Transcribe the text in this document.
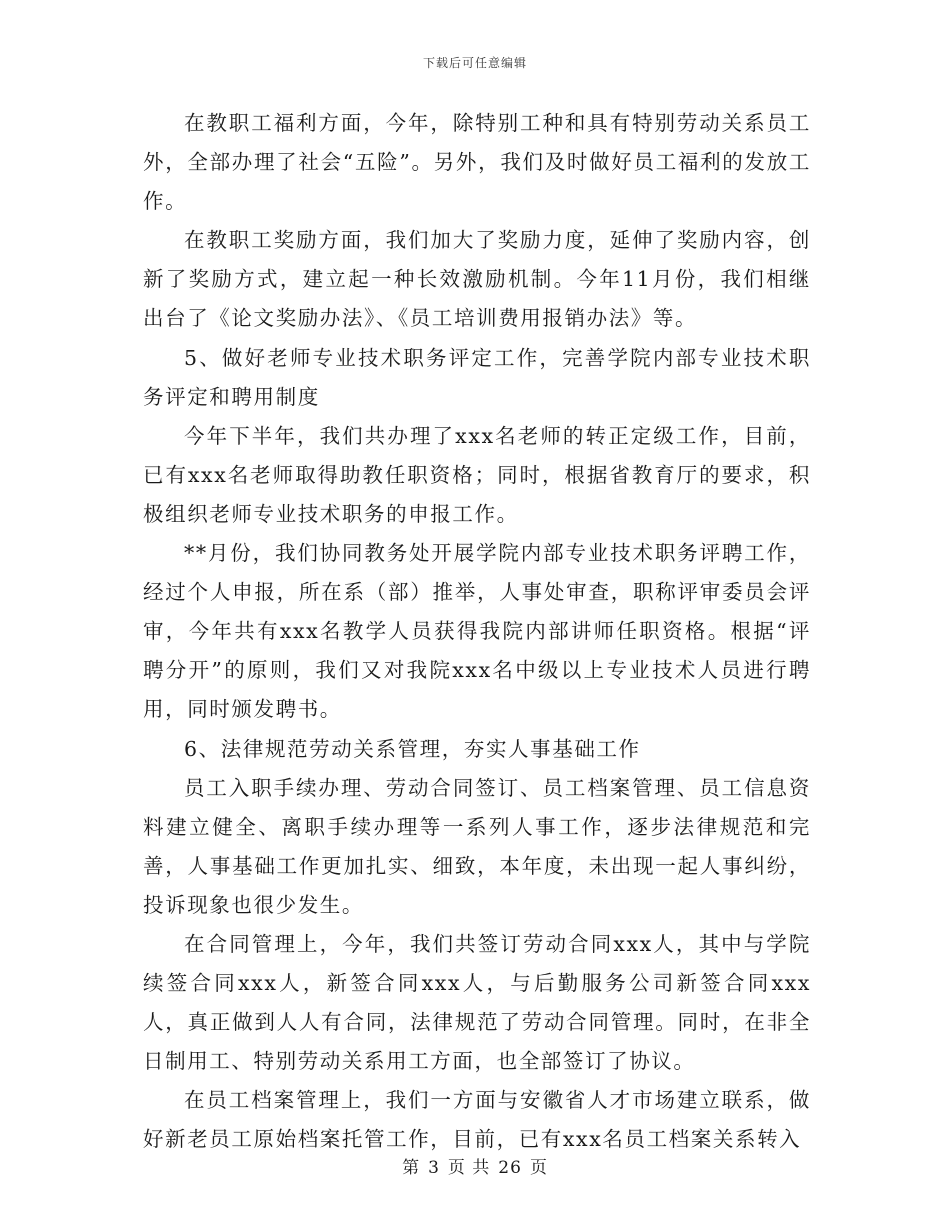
下载后可任意编辑

在教职工福利方面，今年，除特别工种和具有特别劳动关系员工外，全部办理了社会“五险”。另外，我们及时做好员工福利的发放工作。

在教职工奖励方面，我们加大了奖励力度，延伸了奖励内容，创新了奖励方式，建立起一种长效激励机制。今年11月份，我们相继出台了《论文奖励办法》、《员工培训费用报销办法》等。

5、做好老师专业技术职务评定工作，完善学院内部专业技术职务评定和聘用制度

今年下半年，我们共办理了xxx名老师的转正定级工作，目前，已有xxx名老师取得助教任职资格；同时，根据省教育厅的要求，积极组织老师专业技术职务的申报工作。

**月份，我们协同教务处开展学院内部专业技术职务评聘工作，经过个人申报，所在系（部）推举，人事处审查，职称评审委员会评审，今年共有xxx名教学人员获得我院内部讲师任职资格。根据“评聘分开”的原则，我们又对我院xxx名中级以上专业技术人员进行聘用，同时颁发聘书。

6、法律规范劳动关系管理，夯实人事基础工作

员工入职手续办理、劳动合同签订、员工档案管理、员工信息资料建立健全、离职手续办理等一系列人事工作，逐步法律规范和完善，人事基础工作更加扎实、细致，本年度，未出现一起人事纠纷，投诉现象也很少发生。

在合同管理上，今年，我们共签订劳动合同xxx人，其中与学院续签合同xxx人，新签合同xxx人，与后勤服务公司新签合同xxx人，真正做到人人有合同，法律规范了劳动合同管理。同时，在非全日制用工、特别劳动关系用工方面，也全部签订了协议。

在员工档案管理上，我们一方面与安徽省人才市场建立联系，做好新老员工原始档案托管工作，目前，已有xxx名员工档案关系转入

第 3 页 共 26 页
